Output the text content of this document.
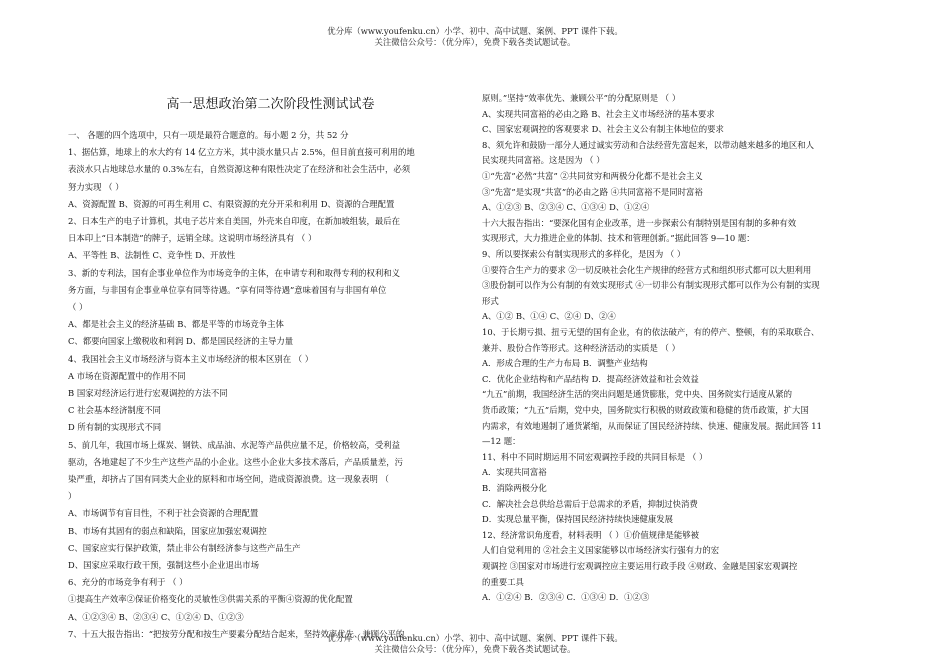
优分库（www.youfenku.cn）小学、初中、高中试题、案例、PPT 课件下载。
关注微信公众号：（优分库），免费下载各类试题试卷。
高一思想政治第二次阶段性测试试卷
一、 各题的四个选项中，只有一项是最符合题意的。每小题 2 分，共 52 分
1、据估算，地球上的水大约有 14 亿立方米，其中淡水量只占 2.5%，但目前直接可利用的地
表淡水只占地球总水量的 0.3%左右，自然资源这种有限性决定了在经济和社会生活中，必须
努力实现 （ ）
A、资源配置 B、资源的可再生利用 C、有限资源的充分开采和利用 D、资源的合理配置
2、日本生产的电子计算机，其电子芯片来自美国，外壳来自印度，在新加坡组装，最后在
日本印上“日本制造”的牌子，远销全球。这说明市场经济具有 （ ）
A、平等性 B、法制性 C、竞争性 D、开放性
3、新的专利法，国有企事业单位作为市场竞争的主体，在申请专利和取得专利的权利和义
务方面，与非国有企事业单位享有同等待遇。“享有同等待遇”意味着国有与非国有单位
（ ）
A、都是社会主义的经济基础 B、都是平等的市场竞争主体
C、都要向国家上缴税收和利润 D、都是国民经济的主导力量
4、我国社会主义市场经济与资本主义市场经济的根本区别在 （ ）
A 市场在资源配置中的作用不同
B 国家对经济运行进行宏观调控的方法不同
C 社会基本经济制度不同
D 所有制的实现形式不同
5、前几年，我国市场上煤炭、钢铁、成品油、水泥等产品供应量不足，价格较高，受利益
驱动，各地建起了不少生产这些产品的小企业。这些小企业大多技术落后，产品质量差，污
染严重，却挤占了国有同类大企业的原料和市场空间，造成资源浪费。这一现象表明 （
）
A、市场调节有盲目性，不利于社会资源的合理配置
B、市场有其固有的弱点和缺陷，国家应加强宏观调控
C、国家应实行保护政策，禁止非公有制经济参与这些产品生产
D、国家应采取行政干预，强制这些小企业退出市场
6、充分的市场竞争有利于 （ ）
①提高生产效率②保证价格变化的灵敏性③供需关系的平衡④资源的优化配置
A、①②③④ B、②③④ C、①②④ D、①②③
7、十五大报告指出：“把按劳分配和按生产要素分配结合起来，坚持效率优先、兼顾公平的
原则。”坚持“效率优先、兼顾公平”的分配原则是 （ ）
A、实现共同富裕的必由之路 B、社会主义市场经济的基本要求
C、国家宏观调控的客观要求 D、社会主义公有制主体地位的要求
8、须允许和鼓励一部分人通过诚实劳动和合法经营先富起来，以带动越来越多的地区和人
民实现共同富裕。这是因为 （ ）
①“先富”必然“共富” ②共同贫穷和两极分化都不是社会主义
③“先富”是实现“共富”的必由之路 ④共同富裕不是同时富裕
A、①②③ B、②③④ C、①③④ D、①②④
十六大报告指出：“要深化国有企业改革，进一步探索公有制特别是国有制的多种有效
实现形式，大力推进企业的体制、技术和管理创新。”据此回答 9—10 题：
9、所以要探索公有制实现形式的多样化，是因为 （ ）
①要符合生产力的要求 ②一切反映社会化生产规律的经营方式和组织形式都可以大胆利用
③股份制可以作为公有制的有效实现形式 ④一切非公有制实现形式都可以作为公有制的实现
形式
A、①② B、①④ C、②④ D、②④
10、于长期亏损、扭亏无望的国有企业，有的依法破产，有的停产、整顿，有的采取联合、
兼并、股份合作等形式。这种经济活动的实质是 （ ）
A．形成合理的生产力布局 B．调整产业结构
C．优化企业结构和产品结构 D．提高经济效益和社会效益
“九五”前期，我国经济生活的突出问题是通货膨胀，党中央、国务院实行适度从紧的
货币政策；“九五”后期，党中央，国务院实行积极的财政政策和稳健的货币政策，扩大国
内需求，有效地遏制了通货紧缩，从而保证了国民经济持续、快速、健康发展。据此回答 11
—12 题：
11、科中不同时期运用不同宏观调控手段的共同目标是 （ ）
A．实现共同富裕
B．消除两极分化
C．解决社会总供给总需后于总需求的矛盾，抑制过快消费
D．实现总量平衡，保持国民经济持续快速健康发展
12、经济常识角度看，材料表明 （ ）①价值规律是能够被
人们自觉利用的 ②社会主义国家能够以市场经济实行强有力的宏
观调控 ③国家对市场进行宏观调控应主要运用行政手段 ④财政、金融是国家宏观调控
的重要工具
A．①②④ B．②③④ C．①③④ D．①②③
优分库（www.youfenku.cn）小学、初中、高中试题、案例、PPT 课件下载。
关注微信公众号：（优分库），免费下载各类试题试卷。
